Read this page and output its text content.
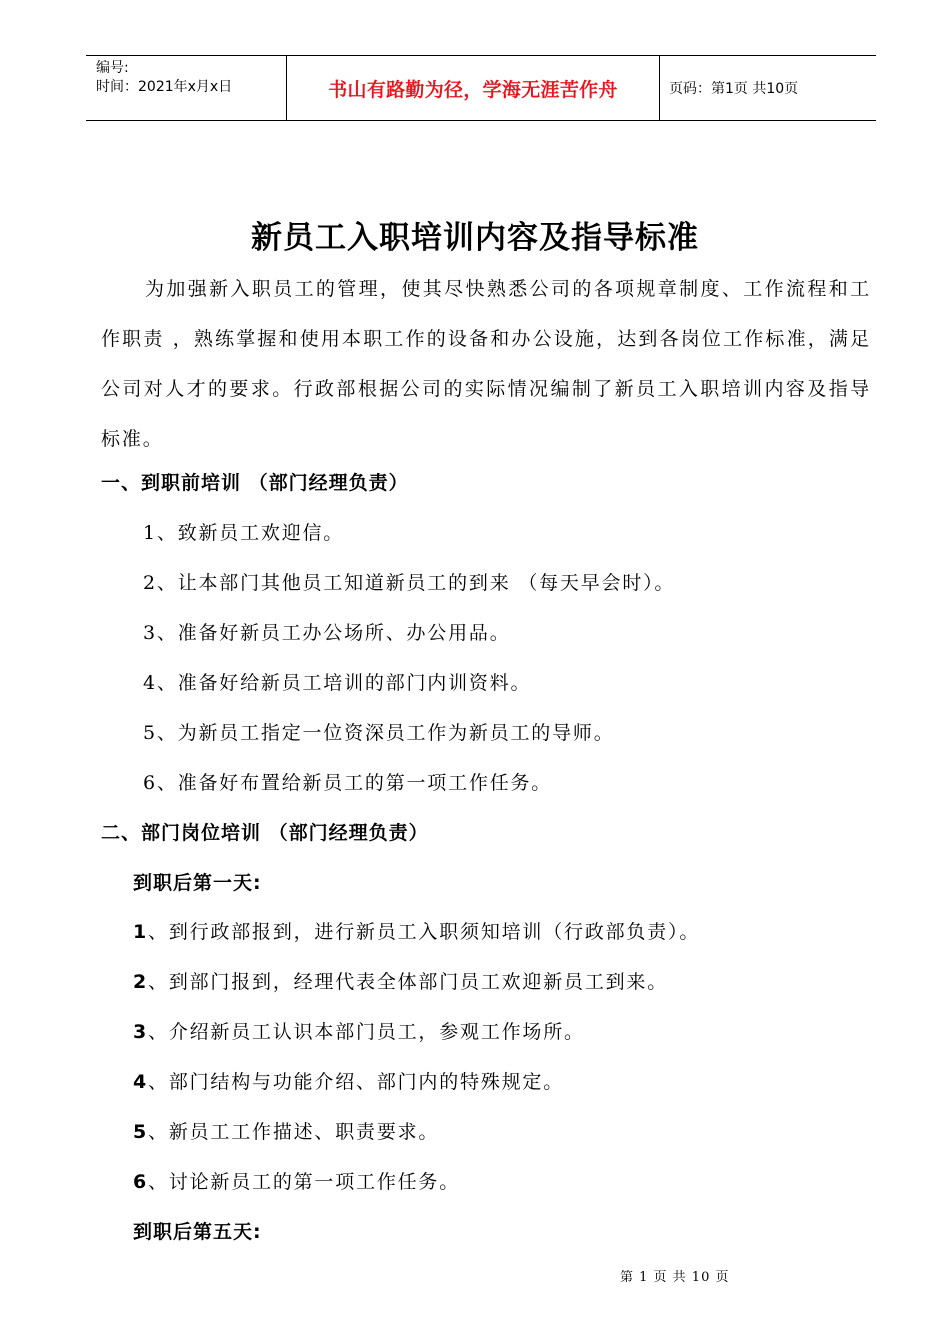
编号:
时间：2021年x月x日	书山有路勤为径，学海无涯苦作舟	页码：第1页 共10页
新员工入职培训内容及指导标准
为加强新入职员工的管理，使其尽快熟悉公司的各项规章制度、工作流程和工作职责 ，熟练掌握和使用本职工作的设备和办公设施，达到各岗位工作标准，满足公司对人才的要求。行政部根据公司的实际情况编制了新员工入职培训内容及指导标准。
一、到职前培训 （部门经理负责）
1、致新员工欢迎信。
2、让本部门其他员工知道新员工的到来 （每天早会时）。
3、准备好新员工办公场所、办公用品。
4、准备好给新员工培训的部门内训资料。
5、为新员工指定一位资深员工作为新员工的导师。
6、准备好布置给新员工的第一项工作任务。
二、部门岗位培训 （部门经理负责）
到职后第一天:
1、到行政部报到，进行新员工入职须知培训（行政部负责）。
2、到部门报到，经理代表全体部门员工欢迎新员工到来。
3、介绍新员工认识本部门员工，参观工作场所。
4、部门结构与功能介绍、部门内的特殊规定。
5、新员工工作描述、职责要求。
6、讨论新员工的第一项工作任务。
到职后第五天:
第 1 页 共 10 页
